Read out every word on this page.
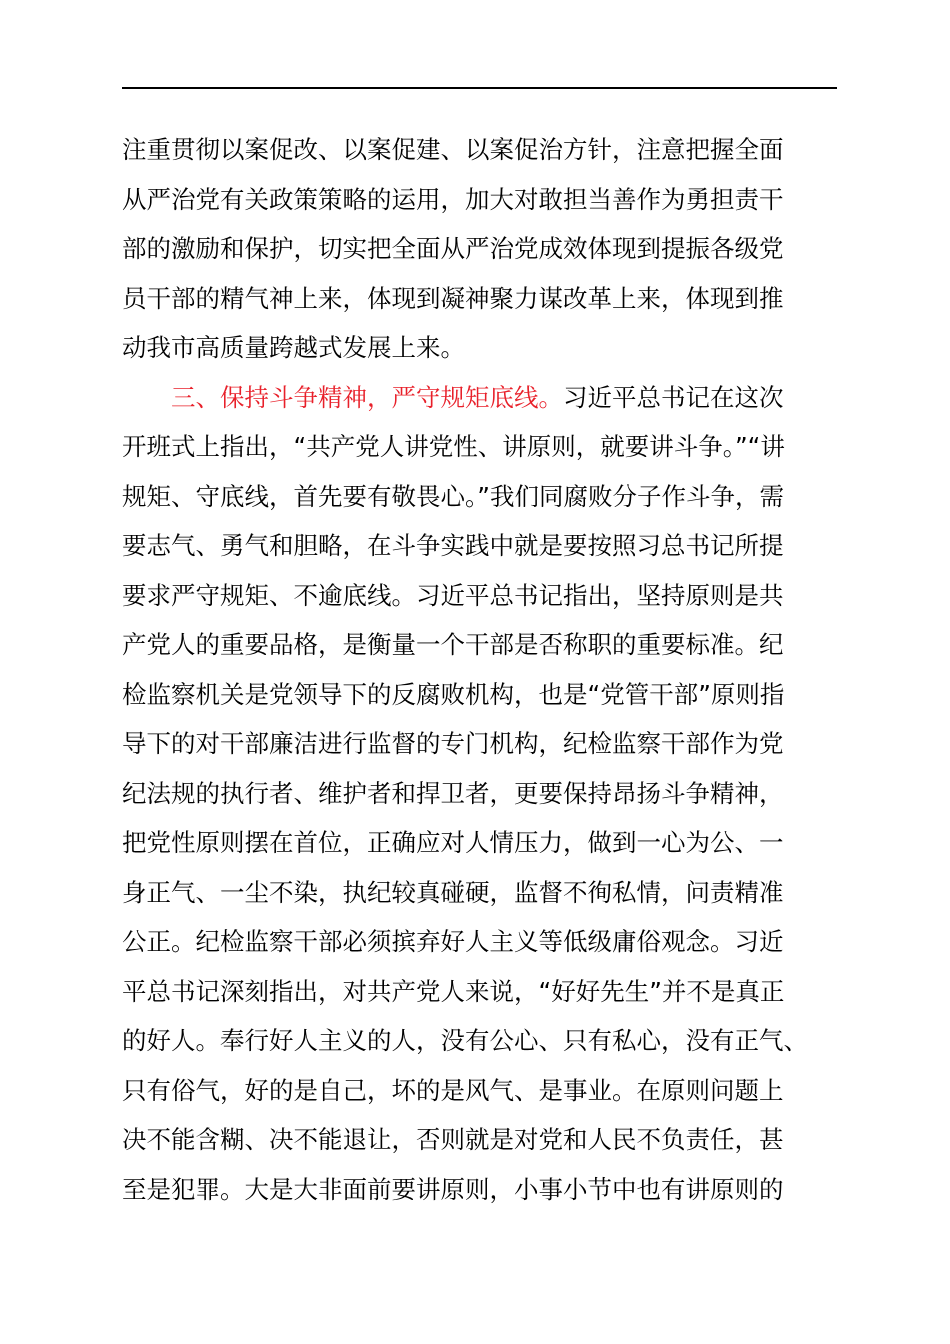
注重贯彻以案促改、以案促建、以案促治方针，注意把握全面
从严治党有关政策策略的运用，加大对敢担当善作为勇担责干
部的激励和保护，切实把全面从严治党成效体现到提振各级党
员干部的精气神上来，体现到凝神聚力谋改革上来，体现到推
动我市高质量跨越式发展上来。
三、保持斗争精神，严守规矩底线。习近平总书记在这次
开班式上指出，“共产党人讲党性、讲原则，就要讲斗争。”“讲
规矩、守底线，首先要有敬畏心。”我们同腐败分子作斗争，需
要志气、勇气和胆略，在斗争实践中就是要按照习总书记所提
要求严守规矩、不逾底线。习近平总书记指出，坚持原则是共
产党人的重要品格，是衡量一个干部是否称职的重要标准。纪
检监察机关是党领导下的反腐败机构，也是“党管干部”原则指
导下的对干部廉洁进行监督的专门机构，纪检监察干部作为党
纪法规的执行者、维护者和捍卫者，更要保持昂扬斗争精神，
把党性原则摆在首位，正确应对人情压力，做到一心为公、一
身正气、一尘不染，执纪较真碰硬，监督不徇私情，问责精准
公正。纪检监察干部必须摈弃好人主义等低级庸俗观念。习近
平总书记深刻指出，对共产党人来说，“好好先生”并不是真正
的好人。奉行好人主义的人，没有公心、只有私心，没有正气、
只有俗气，好的是自己，坏的是风气、是事业。在原则问题上
决不能含糊、决不能退让，否则就是对党和人民不负责任，甚
至是犯罪。大是大非面前要讲原则，小事小节中也有讲原则的
